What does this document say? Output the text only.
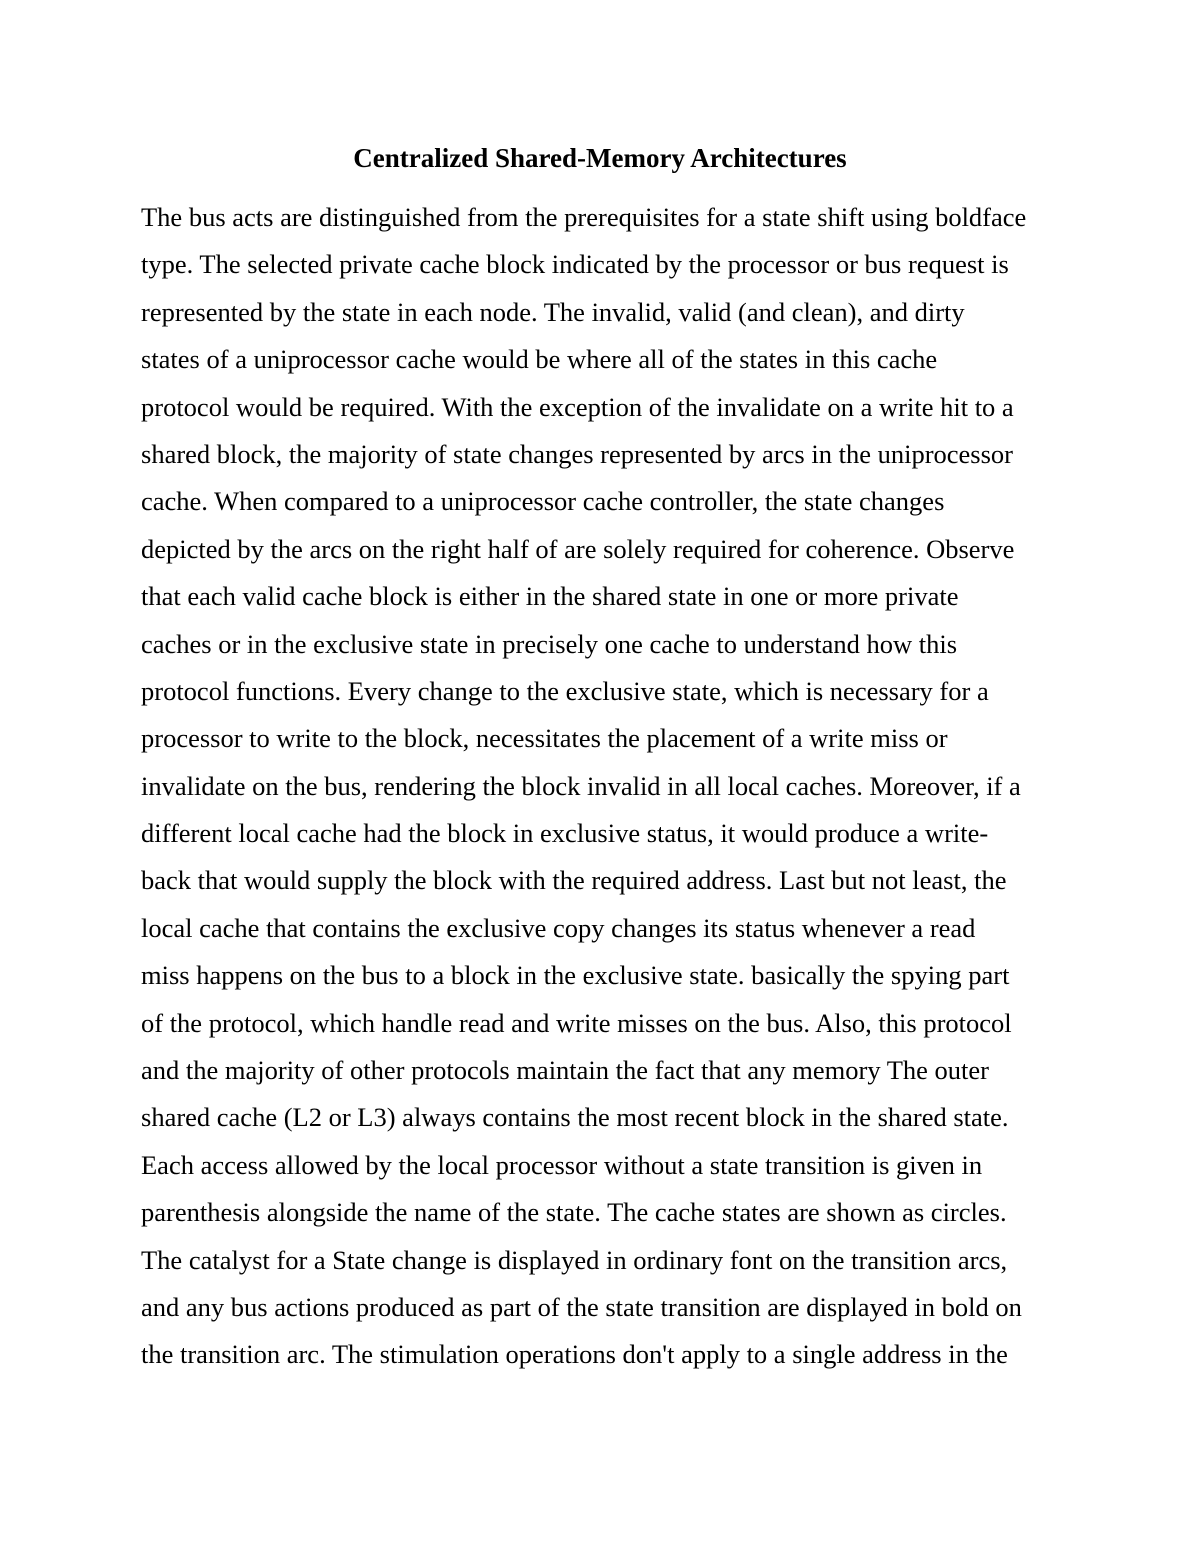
Centralized Shared-Memory Architectures
The bus acts are distinguished from the prerequisites for a state shift using boldface
type. The selected private cache block indicated by the processor or bus request is
represented by the state in each node. The invalid, valid (and clean), and dirty
states of a uniprocessor cache would be where all of the states in this cache
protocol would be required. With the exception of the invalidate on a write hit to a
shared block, the majority of state changes represented by arcs in the uniprocessor
cache. When compared to a uniprocessor cache controller, the state changes
depicted by the arcs on the right half of are solely required for coherence. Observe
that each valid cache block is either in the shared state in one or more private
caches or in the exclusive state in precisely one cache to understand how this
protocol functions. Every change to the exclusive state, which is necessary for a
processor to write to the block, necessitates the placement of a write miss or
invalidate on the bus, rendering the block invalid in all local caches. Moreover, if a
different local cache had the block in exclusive status, it would produce a write-
back that would supply the block with the required address. Last but not least, the
local cache that contains the exclusive copy changes its status whenever a read
miss happens on the bus to a block in the exclusive state. basically the spying part
of the protocol, which handle read and write misses on the bus. Also, this protocol
and the majority of other protocols maintain the fact that any memory The outer
shared cache (L2 or L3) always contains the most recent block in the shared state.
Each access allowed by the local processor without a state transition is given in
parenthesis alongside the name of the state. The cache states are shown as circles.
The catalyst for a State change is displayed in ordinary font on the transition arcs,
and any bus actions produced as part of the state transition are displayed in bold on
the transition arc. The stimulation operations don't apply to a single address in the
